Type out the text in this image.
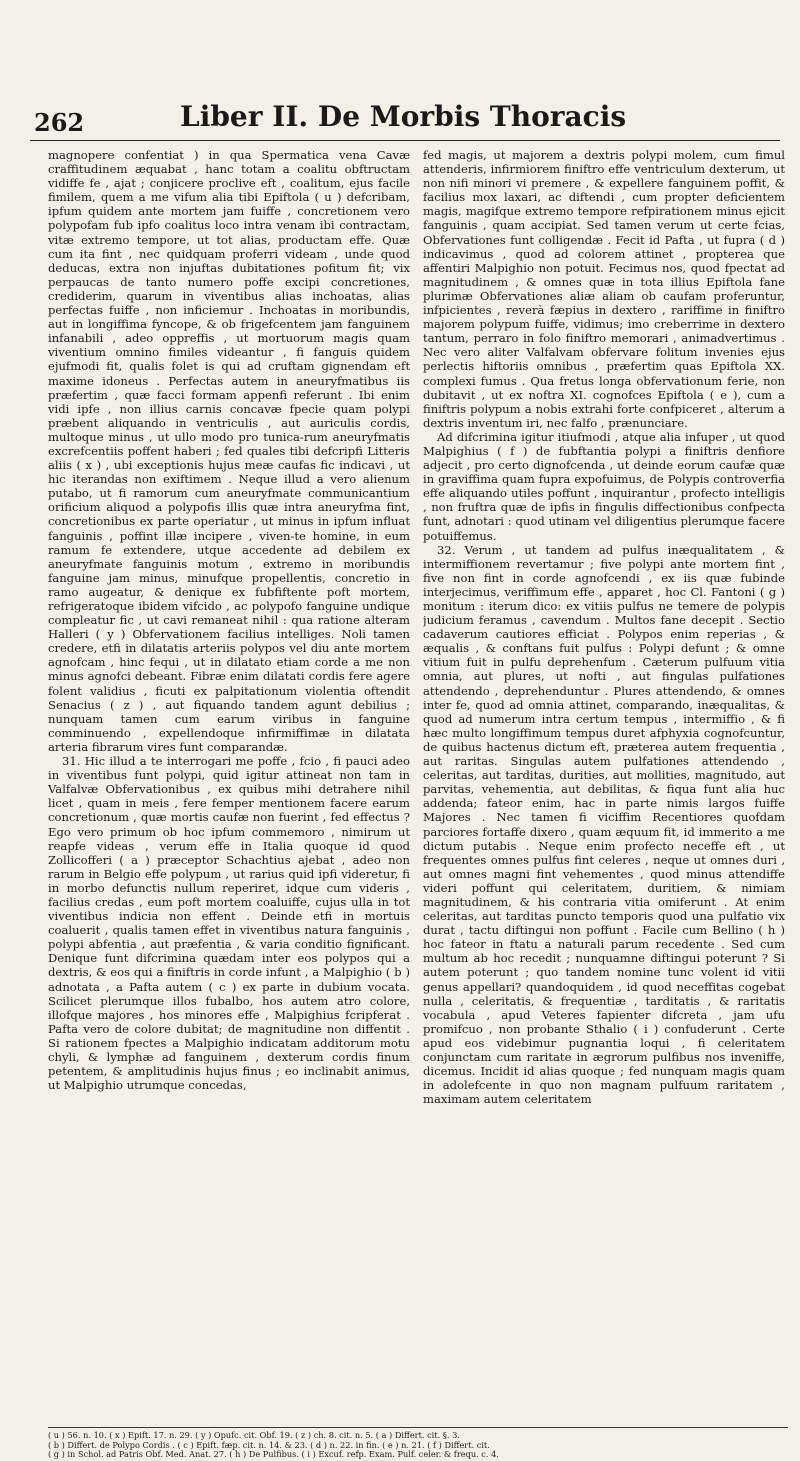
262	Liber II. De Morbis Thoracis

magnopere confentiat ) in qua Spermatica vena Cavæ craffitudinem æquabat , hanc totam a coalitu obftructam vidiffe fe , ajat ; conjicere proclive eft , coalitum, ejus facile fimilem, quem a me vifum alia tibi Epiftola ( u ) defcribam, ipfum quidem ante mortem jam fuiffe , concretionem vero polypofam fub ipfo coalitus loco intra venam ibi contractam, vitæ extremo tempore, ut tot alias, productam effe. Quæ cum ita fint , nec quidquam proferri videam , unde quod deducas, extra non injuftas dubitationes pofitum fit; vix perpaucas de tanto numero poffe excipi concretiones, crediderim, quarum in viventibus alias inchoatas, alias perfectas fuiffe , non inficiemur . Inchoatas in moribundis, aut in longiffima fyncope, & ob frigefcentem jam fanguinem infanabili , adeo oppreffis , ut mortuorum magis quam viventium omnino fimiles videantur , fi fanguis quidem ejufmodi fit, qualis folet is qui ad cruftam gignendam eft maxime idoneus . Perfectas autem in aneuryfmatibus iis præfertim , quæ facci formam appenfi referunt . Ibi enim vidi ipfe , non illius carnis concavæ fpecie quam polypi præbent aliquando in ventriculis , aut auriculis cordis, multoque minus , ut ullo modo pro tunica-rum aneuryfmatis excrefcentiis poffent haberi ; fed quales tibi defcripfi Litteris aliis ( x ) , ubi exceptionis hujus meæ caufas fic indicavi , ut hic iterandas non exiftimem . Neque illud a vero alienum putabo, ut fi ramorum cum aneuryfmate communicantium orificium aliquod a polypofis illis quæ intra aneuryfma fint, concretionibus ex parte operiatur , ut minus in ipfum influat fanguinis , poffint illæ incipere , viven-te homine, in eum ramum fe extendere, utque accedente ad debilem ex aneuryfmate fanguinis motum , extremo in moribundis fanguine jam minus, minufque propellentis, concretio in ramo augeatur, & denique ex fubfiftente poft mortem, refrigeratoque ibidem vifcido , ac polypofo fanguine undique compleatur fic , ut cavi remaneat nihil : qua ratione alteram Halleri ( y ) Obfervationem facilius intelliges. Noli tamen credere, etfi in dilatatis arteriis polypos vel diu ante mortem agnofcam , hinc fequi , ut in dilatato etiam corde a me non minus agnofci debeant. Fibræ enim dilatati cordis fere agere folent validius , ficuti ex palpitationum violentia oftendit Senacius ( z ) , aut fiquando tandem agunt debilius ; nunquam tamen cum earum viribus in fanguine comminuendo , expellendoque infirmiffimæ in dilatata arteria fibrarum vires funt comparandæ.

31. Hic illud a te interrogari me poffe , fcio , fi pauci adeo in viventibus funt polypi, quid igitur attineat non tam in Valfalvæ Obfervationibus , ex quibus mihi detrahere nihil licet , quam in meis , fere femper mentionem facere earum concretionum , quæ mortis caufæ non fuerint , fed effectus ? Ego vero primum ob hoc ipfum commemoro , nimirum ut reapfe videas , verum effe in Italia quoque id quod Zollicofferi ( a ) præceptor Schachtius ajebat , adeo non rarum in Belgio effe polypum , ut rarius quid ipfi videretur, fi in morbo defunctis nullum reperiret, idque cum videris , facilius credas , eum poft mortem coaluiffe, cujus ulla in tot viventibus indicia non effent . Deinde etfi in mortuis coaluerit , qualis tamen effet in viventibus natura fanguinis , polypi abfentia , aut præfentia , & varia conditio fignificant. Denique funt difcrimina quædam inter eos polypos qui a dextris, & eos qui a finiftris in corde infunt , a Malpighio ( b ) adnotata , a Pafta autem ( c ) ex parte in dubium vocata. Scilicet plerumque illos fubalbo, hos autem atro colore, illofque majores , hos minores effe , Malpighius fcripferat . Pafta vero de colore dubitat; de magnitudine non diffentit . Si rationem fpectes a Malpighio indicatam additorum motu chyli, & lymphæ ad fanguinem , dexterum cordis finum petentem, & amplitudinis hujus finus ; eo inclinabit animus, ut Malpighio utrumque concedas,

fed magis, ut majorem a dextris polypi molem, cum fimul attenderis, infirmiorem finiftro effe ventriculum dexterum, ut non nifi minori vi premere , & expellere fanguinem poffit, & facilius mox laxari, ac diftendi , cum propter deficientem magis, magifque extremo tempore refpirationem minus ejicit fanguinis , quam accipiat. Sed tamen verum ut certe fcias, Obfervationes funt colligendæ . Fecit id Pafta , ut fupra ( d ) indicavimus , quod ad colorem attinet , propterea que affentiri Malpighio non potuit. Fecimus nos, quod fpectat ad magnitudinem , & omnes quæ in tota illius Epiftola fane plurimæ Obfervationes aliæ aliam ob caufam proferuntur, infpicientes , reverà fæpius in dextero , rariffime in finiftro majorem polypum fuiffe, vidimus; imo creberrime in dextero tantum, perraro in folo finiftro memorari , animadvertimus . Nec vero aliter Valfalvam obfervare folitum invenies ejus perlectis hiftoriis omnibus , præfertim quas Epiftola XX. complexi fumus . Qua fretus longa obfervationum ferie, non dubitavit , ut ex noftra XI. cognofces Epiftola ( e ), cum a finiftris polypum a nobis extrahi forte confpiceret , alterum a dextris inventum iri, nec falfo , prænunciare.

Ad difcrimina igitur itiufmodi , atque alia infuper , ut quod Malpighius ( f ) de fubftantia polypi a finiftris denfiore adjecit , pro certo dignofcenda , ut deinde eorum caufæ quæ in graviffima quam fupra expofuimus, de Polypis controverfia effe aliquando utiles poffunt , inquirantur , profecto intelligis , non fruftra quæ de ipfis in fingulis diffectionibus confpecta funt, adnotari : quod utinam vel diligentius plerumque facere potuiffemus.

32. Verum , ut tandem ad pulfus inæqualitatem , & intermiffionem revertamur ; five polypi ante mortem fint , five non fint in corde agnofcendi , ex iis quæ fubinde interjecimus, veriffimum effe , apparet , hoc Cl. Fantoni ( g ) monitum : iterum dico: ex vitiis pulfus ne temere de polypis judicium feramus , cavendum . Multos fane decepit . Sectio cadaverum cautiores efficiat . Polypos enim reperias , & æqualis , & conftans fuit pulfus : Polypi defunt ; & omne vitium fuit in pulfu deprehenfum . Cæterum pulfuum vitia omnia, aut plures, ut nofti , aut fingulas pulfationes attendendo , deprehenduntur . Plures attendendo, & omnes inter fe, quod ad omnia attinet, comparando, inæqualitas, & quod ad numerum intra certum tempus , intermiffio , & fi hæc multo longiffimum tempus duret afphyxia cognofcuntur, de quibus hactenus dictum eft, præterea autem frequentia , aut raritas. Singulas autem pulfationes attendendo , celeritas, aut tarditas, durities, aut mollities, magnitudo, aut parvitas, vehementia, aut debilitas, & fiqua funt alia huc addenda; fateor enim, hac in parte nimis largos fuiffe Majores . Nec tamen fi viciffim Recentiores quofdam parciores fortaffe dixero , quam æquum fit, id immerito a me dictum putabis . Neque enim profecto neceffe eft , ut frequentes omnes pulfus fint celeres , neque ut omnes duri , aut omnes magni fint vehementes , quod minus attendiffe videri poffunt qui celeritatem, duritiem, & nimiam magnitudinem, & his contraria vitia omiferunt . At enim celeritas, aut tarditas puncto temporis quod una pulfatio vix durat , tactu diftingui non poffunt . Facile cum Bellino ( h ) hoc fateor in ftatu a naturali parum recedente . Sed cum multum ab hoc recedit ; nunquamne diftingui poterunt ? Si autem poterunt ; quo tandem nomine tunc volent id vitii genus appellari? quandoquidem , id quod neceffitas cogebat nulla , celeritatis, & frequentiæ , tarditatis , & raritatis vocabula , apud Veteres fapienter difcreta , jam ufu promifcuo , non probante Sthalio ( i ) confuderunt . Certe apud eos videbimur pugnantia loqui , fi celeritatem conjunctam cum raritate in ægrorum pulfibus nos inveniffe, dicemus. Incidit id alias quoque ; fed nunquam magis quam in adolefcente in quo non magnam pulfuum raritatem , maximam autem celeritatem

( u ) 56. n. 10. ( x ) Epift. 17. n. 29. ( y ) Opufc. cit. Obf. 19. ( z ) ch. 8. cit. n. 5. ( a ) Differt. cit. §. 3.
( b ) Differt. de Polypo Cordis . ( c ) Epift. fæp. cit. n. 14. & 23. ( d ) n. 22. in fin. ( e ) n. 21. ( f ) Differt. cit.
( g ) in Schol. ad Patris Obf. Med. Anat. 27. ( h ) De Pulfibus. ( i ) Excuf. refp. Exam. Pulf. celer. & frequ. c. 4.
